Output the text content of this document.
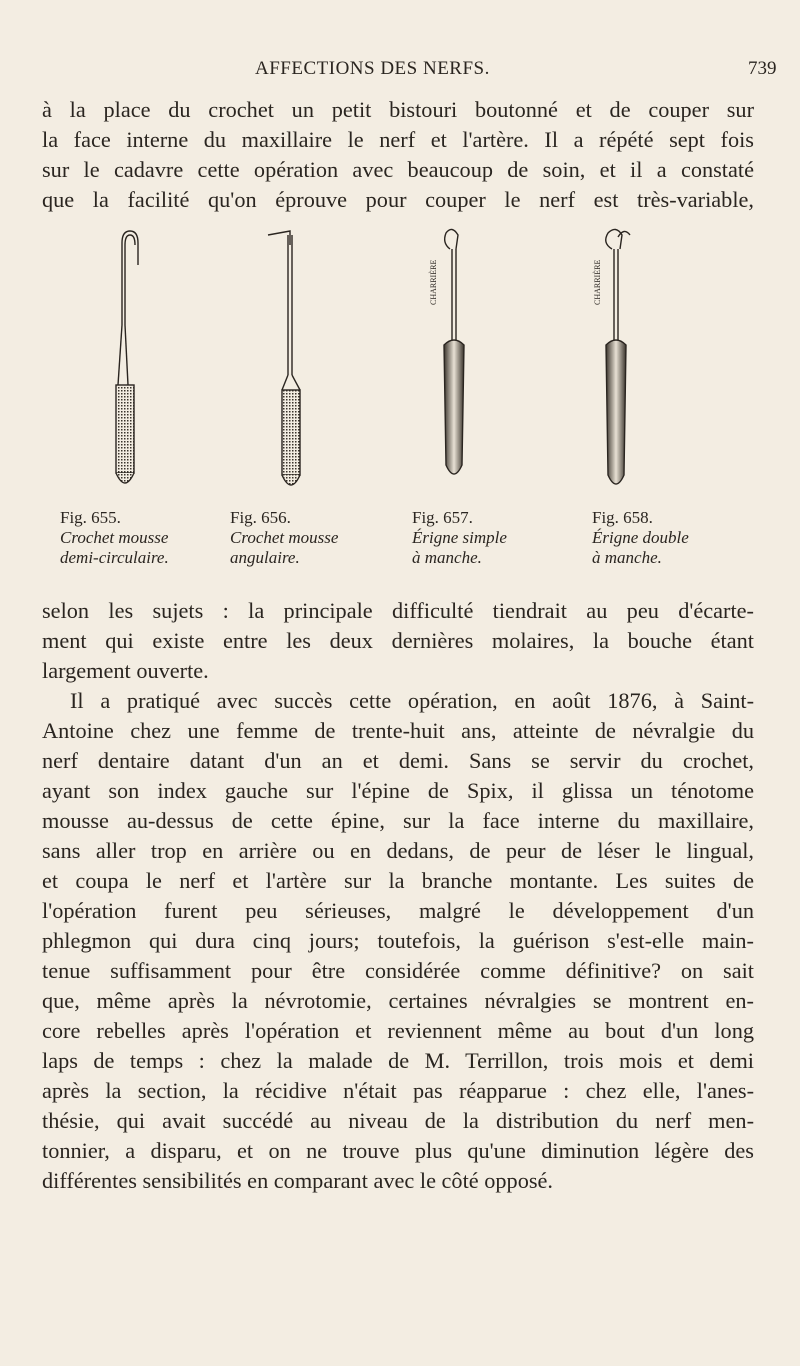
AFFECTIONS DES NERFS.	739
à la place du crochet un petit bistouri boutonné et de couper sur
la face interne du maxillaire le nerf et l'artère. Il a répété sept fois
sur le cadavre cette opération avec beaucoup de soin, et il a constaté
que la facilité qu'on éprouve pour couper le nerf est très-variable,
CHARRIÈRE	CHARRIÈRE
Fig. 655.
Crochet mousse
demi-circulaire.
Fig. 656.
Crochet mousse
angulaire.
Fig. 657.
Érigne simple
à manche.
Fig. 658.
Érigne double
à manche.
selon les sujets : la principale difficulté tiendrait au peu d'écarte-
ment qui existe entre les deux dernières molaires, la bouche étant
largement ouverte.
Il a pratiqué avec succès cette opération, en août 1876, à Saint-
Antoine chez une femme de trente-huit ans, atteinte de névralgie du
nerf dentaire datant d'un an et demi. Sans se servir du crochet,
ayant son index gauche sur l'épine de Spix, il glissa un ténotome
mousse au-dessus de cette épine, sur la face interne du maxillaire,
sans aller trop en arrière ou en dedans, de peur de léser le lingual,
et coupa le nerf et l'artère sur la branche montante. Les suites de
l'opération furent peu sérieuses, malgré le développement d'un
phlegmon qui dura cinq jours; toutefois, la guérison s'est-elle main-
tenue suffisamment pour être considérée comme définitive? on sait
que, même après la névrotomie, certaines névralgies se montrent en-
core rebelles après l'opération et reviennent même au bout d'un long
laps de temps : chez la malade de M. Terrillon, trois mois et demi
après la section, la récidive n'était pas réapparue : chez elle, l'anes-
thésie, qui avait succédé au niveau de la distribution du nerf men-
tonnier, a disparu, et on ne trouve plus qu'une diminution légère des
différentes sensibilités en comparant avec le côté opposé.
